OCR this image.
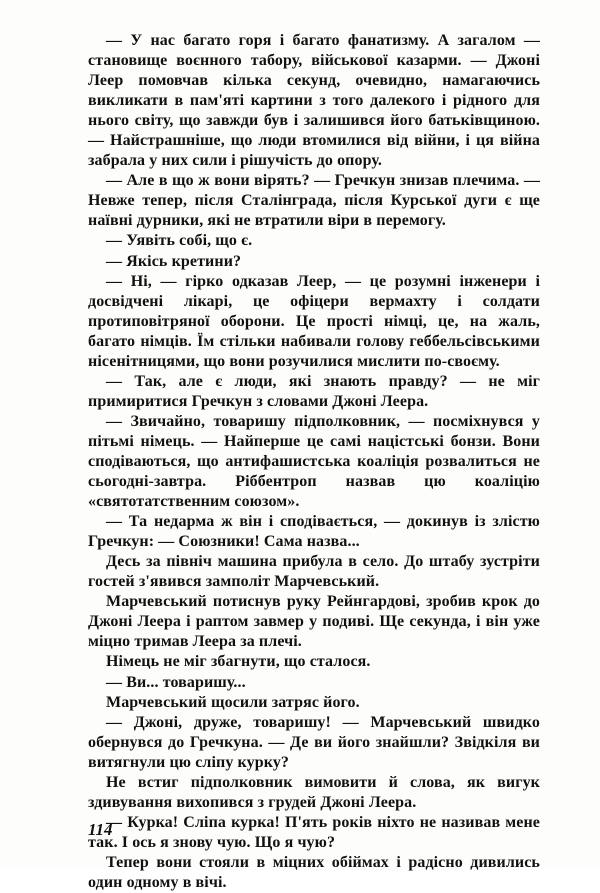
— У нас багато горя і багато фанатизму. А загалом — становище воєнного табору, військової казарми. — Джоні Леер помовчав кілька секунд, очевидно, намагаючись викликати в пам'яті картини з того далекого і рідного для нього світу, що завжди був і залишився його батьківщиною. — Найстрашніше, що люди втомилися від війни, і ця війна забрала у них сили і рішучість до опору.

— Але в що ж вони вірять? — Гречкун знизав плечима. — Невже тепер, після Сталінграда, після Курської дуги є ще наївні дурники, які не втратили віри в перемогу.

— Уявіть собі, що є.

— Якісь кретини?

— Ні, — гірко одказав Леер, — це розумні інженери і досвідчені лікарі, це офіцери вермахту і солдати протиповітряної оборони. Це прості німці, це, на жаль, багато німців. Їм стільки набивали голову геббельсівськими нісенітницями, що вони розучилися мислити по-своєму.

— Так, але є люди, які знають правду? — не міг примиритися Гречкун з словами Джоні Леера.

— Звичайно, товаришу підполковник, — посміхнувся у пітьмі німець. — Найперше це самі націстські бонзи. Вони сподіваються, що антифашистська коаліція розвалиться не сьогодні-завтра. Ріббентроп назвав цю коаліцію «святотатственним союзом».

— Та недарма ж він і сподівається, — докинув із злістю Гречкун: — Союзники! Сама назва...

Десь за північ машина прибула в село. До штабу зустріти гостей з'явився замполіт Марчевський.

Марчевський потиснув руку Рейнгардові, зробив крок до Джоні Леера і раптом завмер у подиві. Ще секунда, і він уже міцно тримав Леера за плечі.

Німець не міг збагнути, що сталося.

— Ви... товаришу...

Марчевський щосили затряс його.

— Джоні, друже, товаришу! — Марчевський швидко обернувся до Гречкуна. — Де ви його знайшли? Звідкіля ви витягнули цю сліпу курку?

Не встиг підполковник вимовити й слова, як вигук здивування вихопився з грудей Джоні Леера.

— Курка! Сліпа курка! П'ять років ніхто не називав мене так. І ось я знову чую. Що я чую?

Тепер вони стояли в міцних обіймах і радісно дивились один одному в вічі.

114
